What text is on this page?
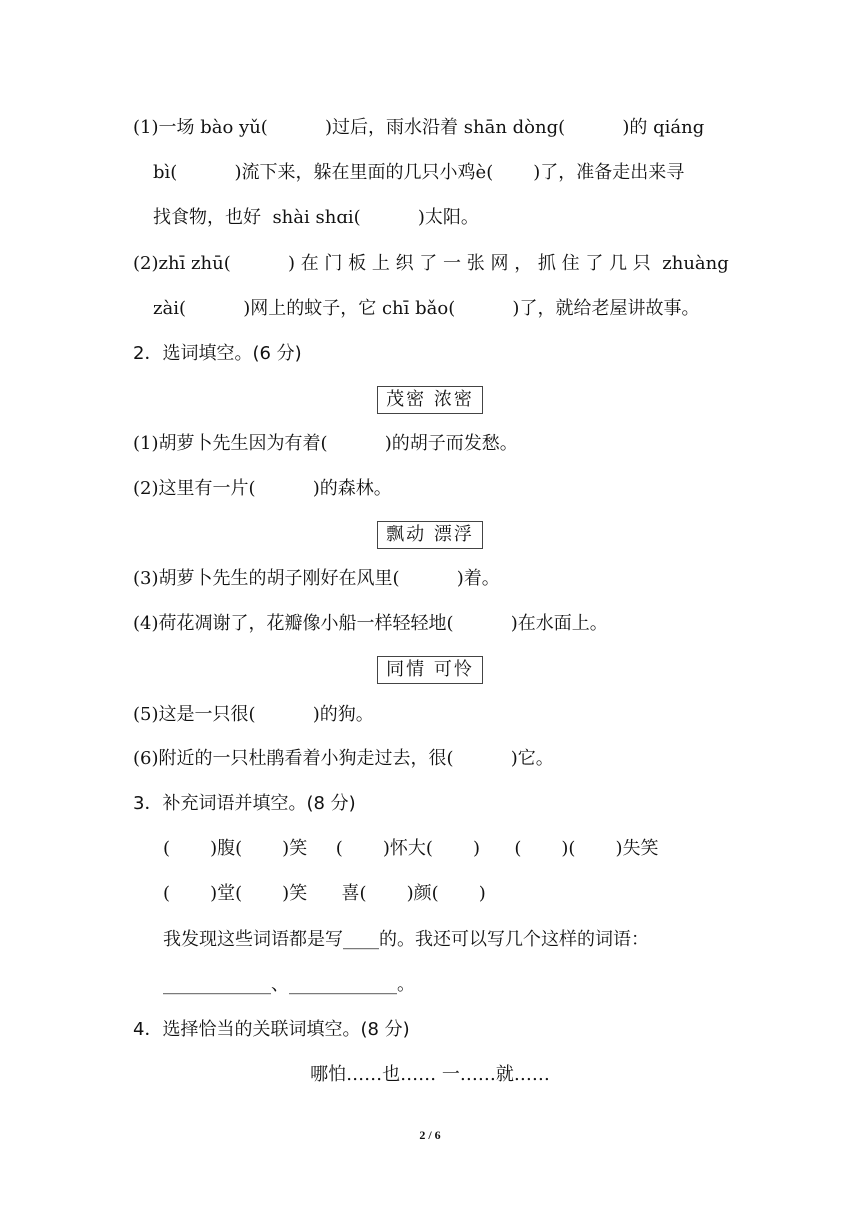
(1)一场 bào yǔ(          )过后，雨水沿着 shān dòng(          )的 qiáng
bì(          )流下来，躲在里面的几只小鸡è(       )了，准备走出来寻
找食物，也好  shài shɑi(          )太阳。
(2)zhī zhū(          ) 在 门 板 上 织 了 一 张 网 ， 抓 住 了 几 只  zhuàng
zài(          )网上的蚊子，它 chī bǎo(          )了，就给老屋讲故事。
2．选词填空。(6 分)
茂密 浓密
(1)胡萝卜先生因为有着(          )的胡子而发愁。
(2)这里有一片(          )的森林。
飘动 漂浮
(3)胡萝卜先生的胡子刚好在风里(          )着。
(4)荷花凋谢了，花瓣像小船一样轻轻地(          )在水面上。
同情 可怜
(5)这是一只很(          )的狗。
(6)附近的一只杜鹃看着小狗走过去，很(          )它。
3．补充词语并填空。(8 分)
(       )腹(       )笑     (       )怀大(       )      (       )(       )失笑
(       )堂(       )笑      喜(       )颜(       )
我发现这些词语都是写____的。我还可以写几个这样的词语：
____________、____________。
4．选择恰当的关联词填空。(8 分)
哪怕……也…… 一……就……
2 / 6
